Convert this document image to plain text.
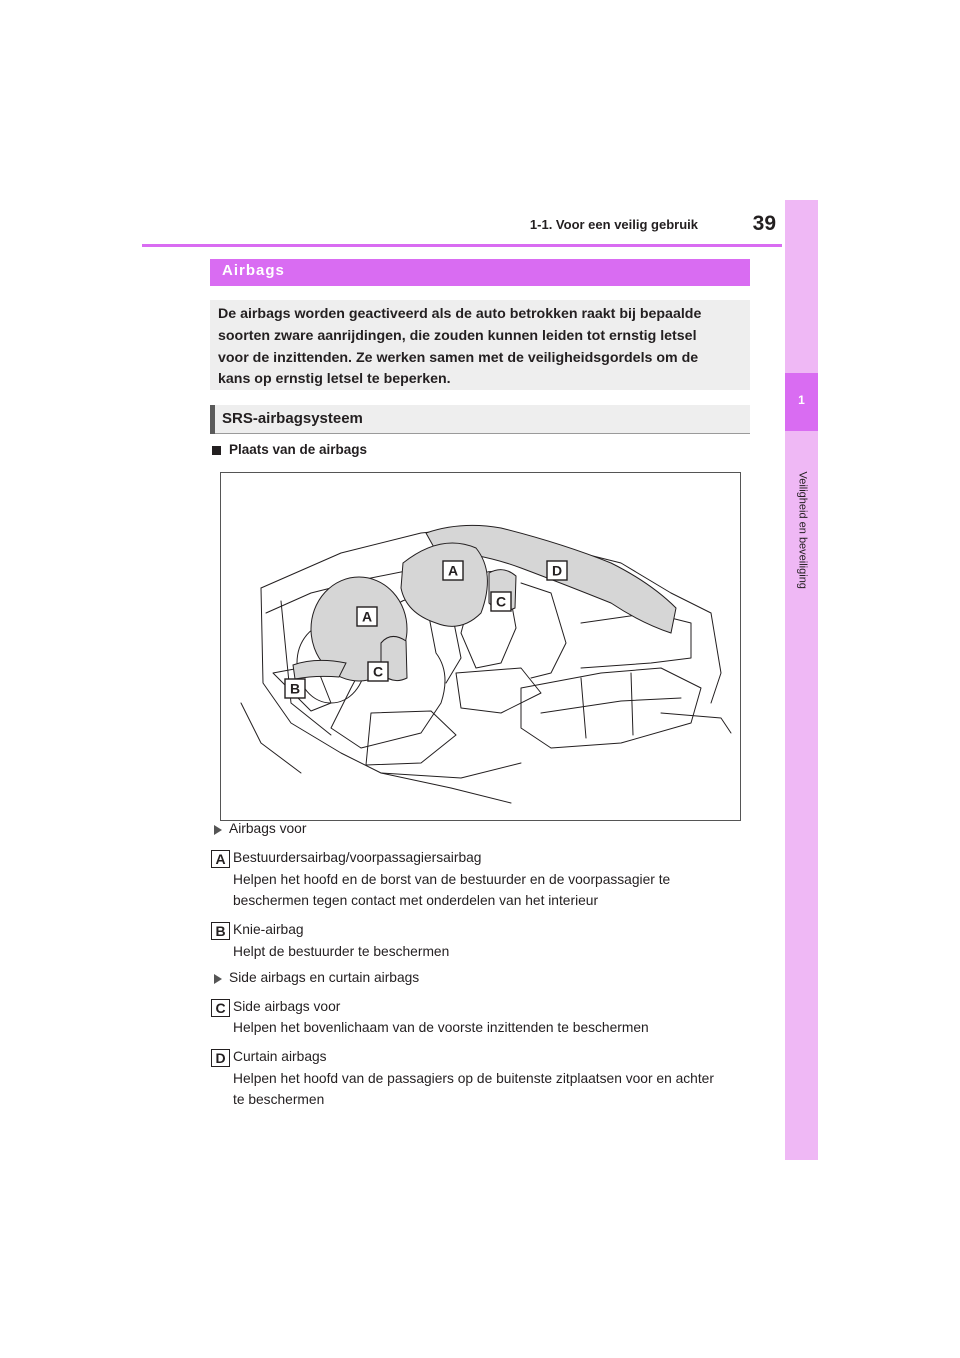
1-1. Voor een veilig gebruik	39
1
Veiligheid en beveiliging
Airbags
De airbags worden geactiveerd als de auto betrokken raakt bij bepaalde
soorten zware aanrijdingen, die zouden kunnen leiden tot ernstig letsel
voor de inzittenden. Ze werken samen met de veiligheidsgordels om de
kans op ernstig letsel te beperken.
SRS-airbagsysteem
Plaats van de airbags
A
A
B
C
C
D
Airbags voor
A Bestuurdersairbag/voorpassagiersairbag
Helpen het hoofd en de borst van de bestuurder en de voorpassagier te
beschermen tegen contact met onderdelen van het interieur
B Knie-airbag
Helpt de bestuurder te beschermen
Side airbags en curtain airbags
C Side airbags voor
Helpen het bovenlichaam van de voorste inzittenden te beschermen
D Curtain airbags
Helpen het hoofd van de passagiers op de buitenste zitplaatsen voor en achter
te beschermen
